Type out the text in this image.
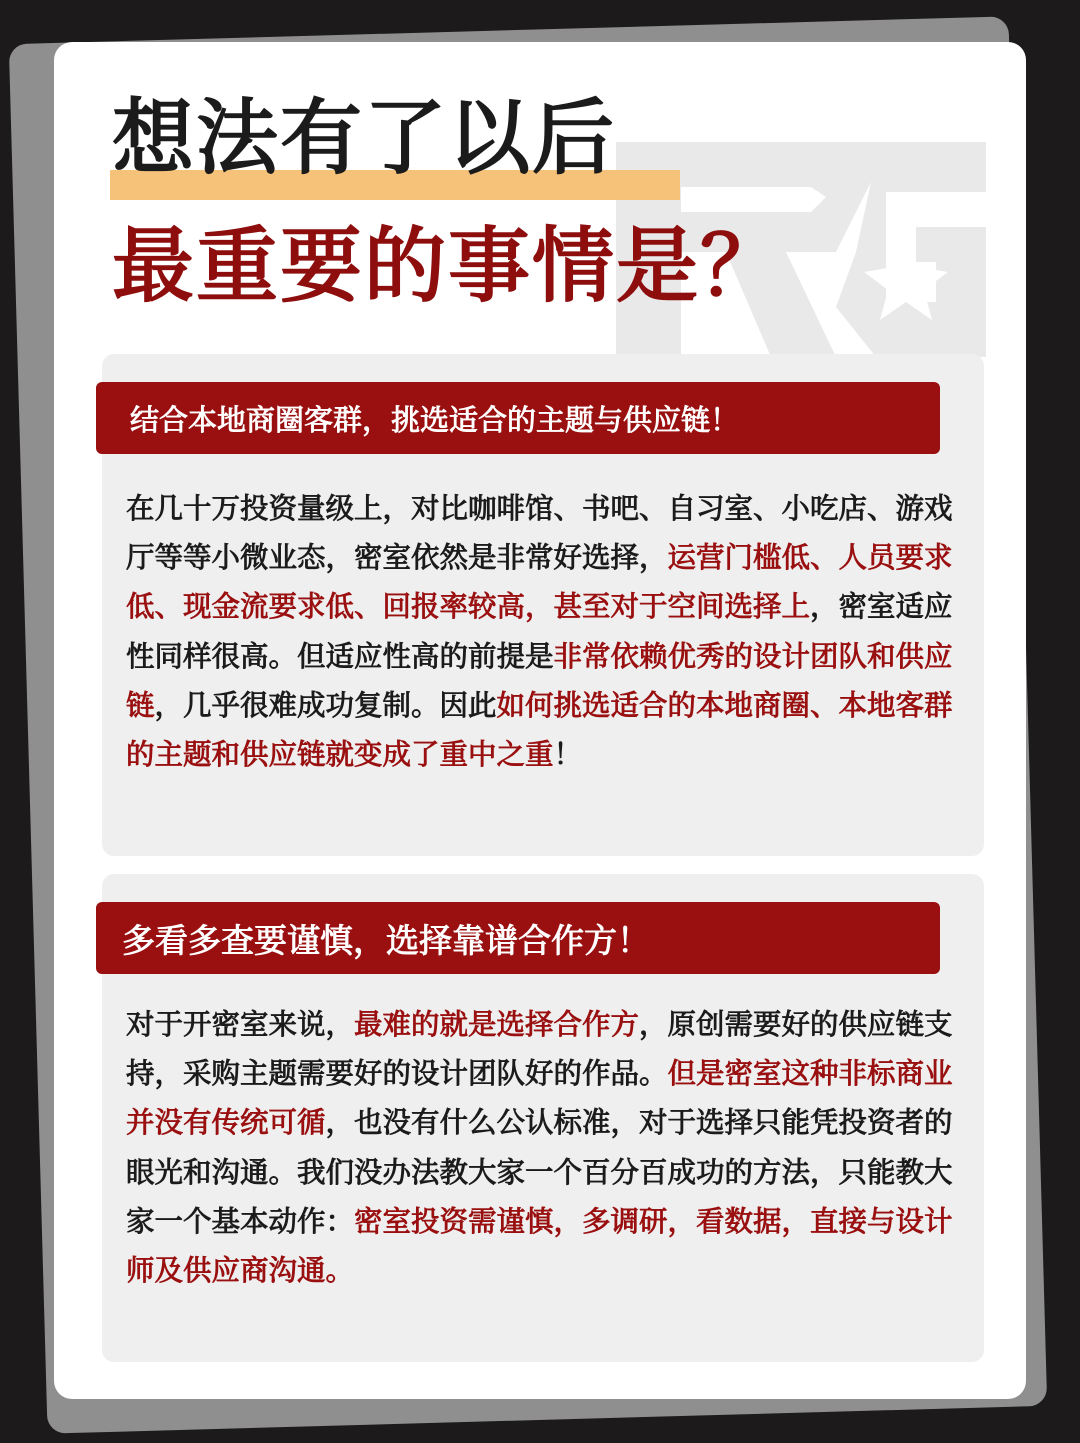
想法有了以后
最重要的事情是？
结合本地商圈客群，挑选适合的主题与供应链！

在几十万投资量级上，对比咖啡馆、书吧、自习室、小吃店、游戏厅等等小微业态，密室依然是非常好选择，运营门槛低、人员要求低、现金流要求低、回报率较高，甚至对于空间选择上，密室适应性同样很高。但适应性高的前提是非常依赖优秀的设计团队和供应链，几乎很难成功复制。因此如何挑选适合的本地商圈、本地客群的主题和供应链就变成了重中之重！

多看多查要谨慎，选择靠谱合作方！

对于开密室来说，最难的就是选择合作方，原创需要好的供应链支持，采购主题需要好的设计团队好的作品。但是密室这种非标商业并没有传统可循，也没有什么公认标准，对于选择只能凭投资者的眼光和沟通。我们没办法教大家一个百分百成功的方法，只能教大家一个基本动作：密室投资需谨慎，多调研，看数据，直接与设计师及供应商沟通。
